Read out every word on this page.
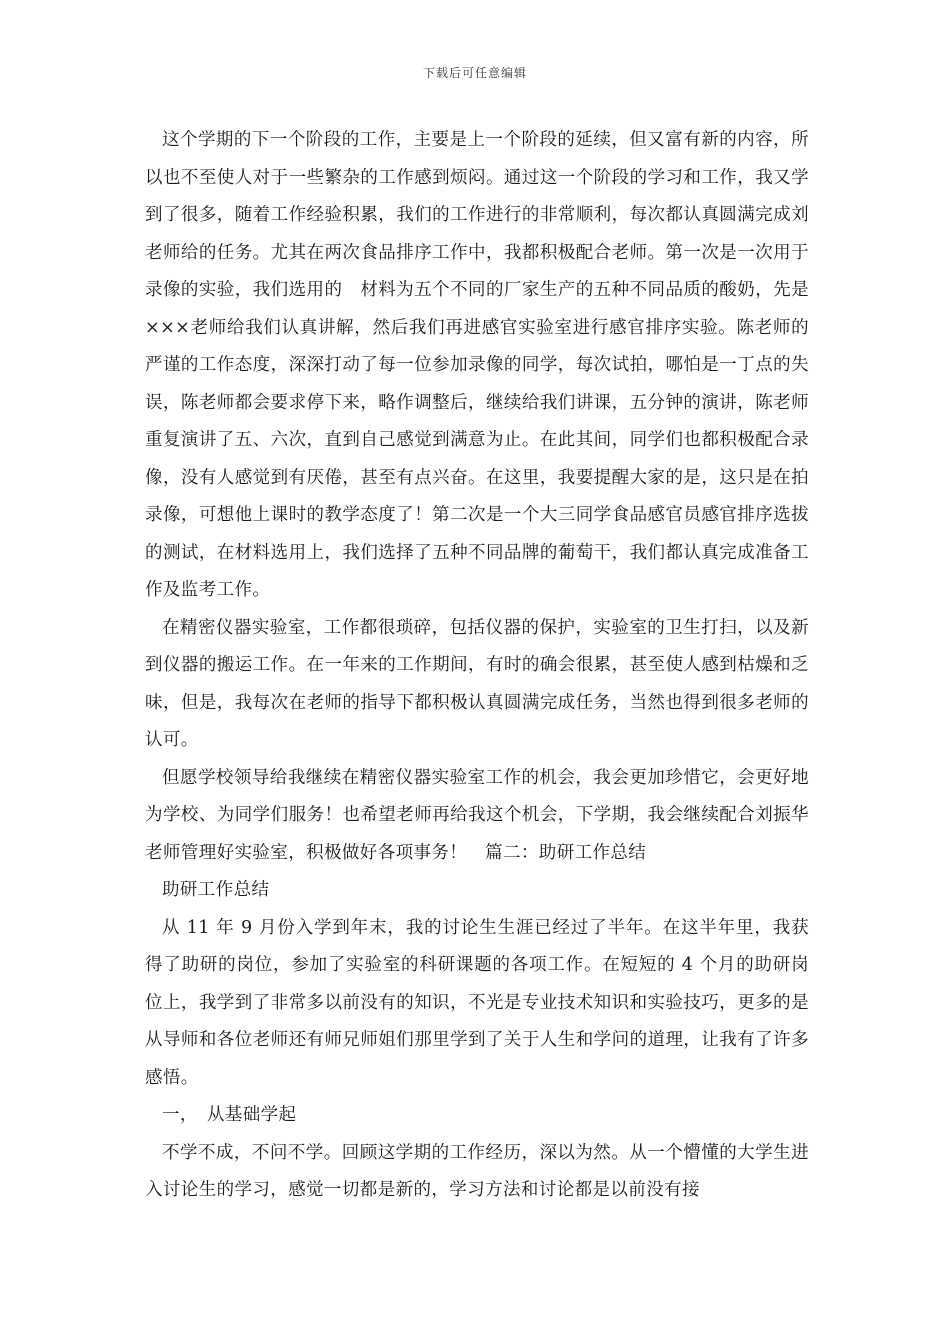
下载后可任意编辑

这个学期的下一个阶段的工作，主要是上一个阶段的延续，但又富有新的内容，所以也不至使人对于一些繁杂的工作感到烦闷。通过这一个阶段的学习和工作，我又学到了很多，随着工作经验积累，我们的工作进行的非常顺利，每次都认真圆满完成刘老师给的任务。尤其在两次食品排序工作中，我都积极配合老师。第一次是一次用于录像的实验，我们选用的　材料为五个不同的厂家生产的五种不同品质的酸奶，先是×××老师给我们认真讲解，然后我们再进感官实验室进行感官排序实验。陈老师的严谨的工作态度，深深打动了每一位参加录像的同学，每次试拍，哪怕是一丁点的失误，陈老师都会要求停下来，略作调整后，继续给我们讲课，五分钟的演讲，陈老师重复演讲了五、六次，直到自己感觉到满意为止。在此其间，同学们也都积极配合录像，没有人感觉到有厌倦，甚至有点兴奋。在这里，我要提醒大家的是，这只是在拍录像，可想他上课时的教学态度了！第二次是一个大三同学食品感官员感官排序选拔的测试，在材料选用上，我们选择了五种不同品牌的葡萄干，我们都认真完成准备工作及监考工作。

在精密仪器实验室，工作都很琐碎，包括仪器的保护，实验室的卫生打扫，以及新到仪器的搬运工作。在一年来的工作期间，有时的确会很累，甚至使人感到枯燥和乏味，但是，我每次在老师的指导下都积极认真圆满完成任务，当然也得到很多老师的认可。

但愿学校领导给我继续在精密仪器实验室工作的机会，我会更加珍惜它，会更好地为学校、为同学们服务！也希望老师再给我这个机会，下学期，我会继续配合刘振华老师管理好实验室，积极做好各项事务！　篇二：助研工作总结

助研工作总结

从 11 年 9 月份入学到年末，我的讨论生生涯已经过了半年。在这半年里，我获得了助研的岗位，参加了实验室的科研课题的各项工作。在短短的 4 个月的助研岗位上，我学到了非常多以前没有的知识，不光是专业技术知识和实验技巧，更多的是从导师和各位老师还有师兄师姐们那里学到了关于人生和学问的道理，让我有了许多感悟。

一，　从基础学起

不学不成，不问不学。回顾这学期的工作经历，深以为然。从一个懵懂的大学生进入讨论生的学习，感觉一切都是新的，学习方法和讨论都是以前没有接
